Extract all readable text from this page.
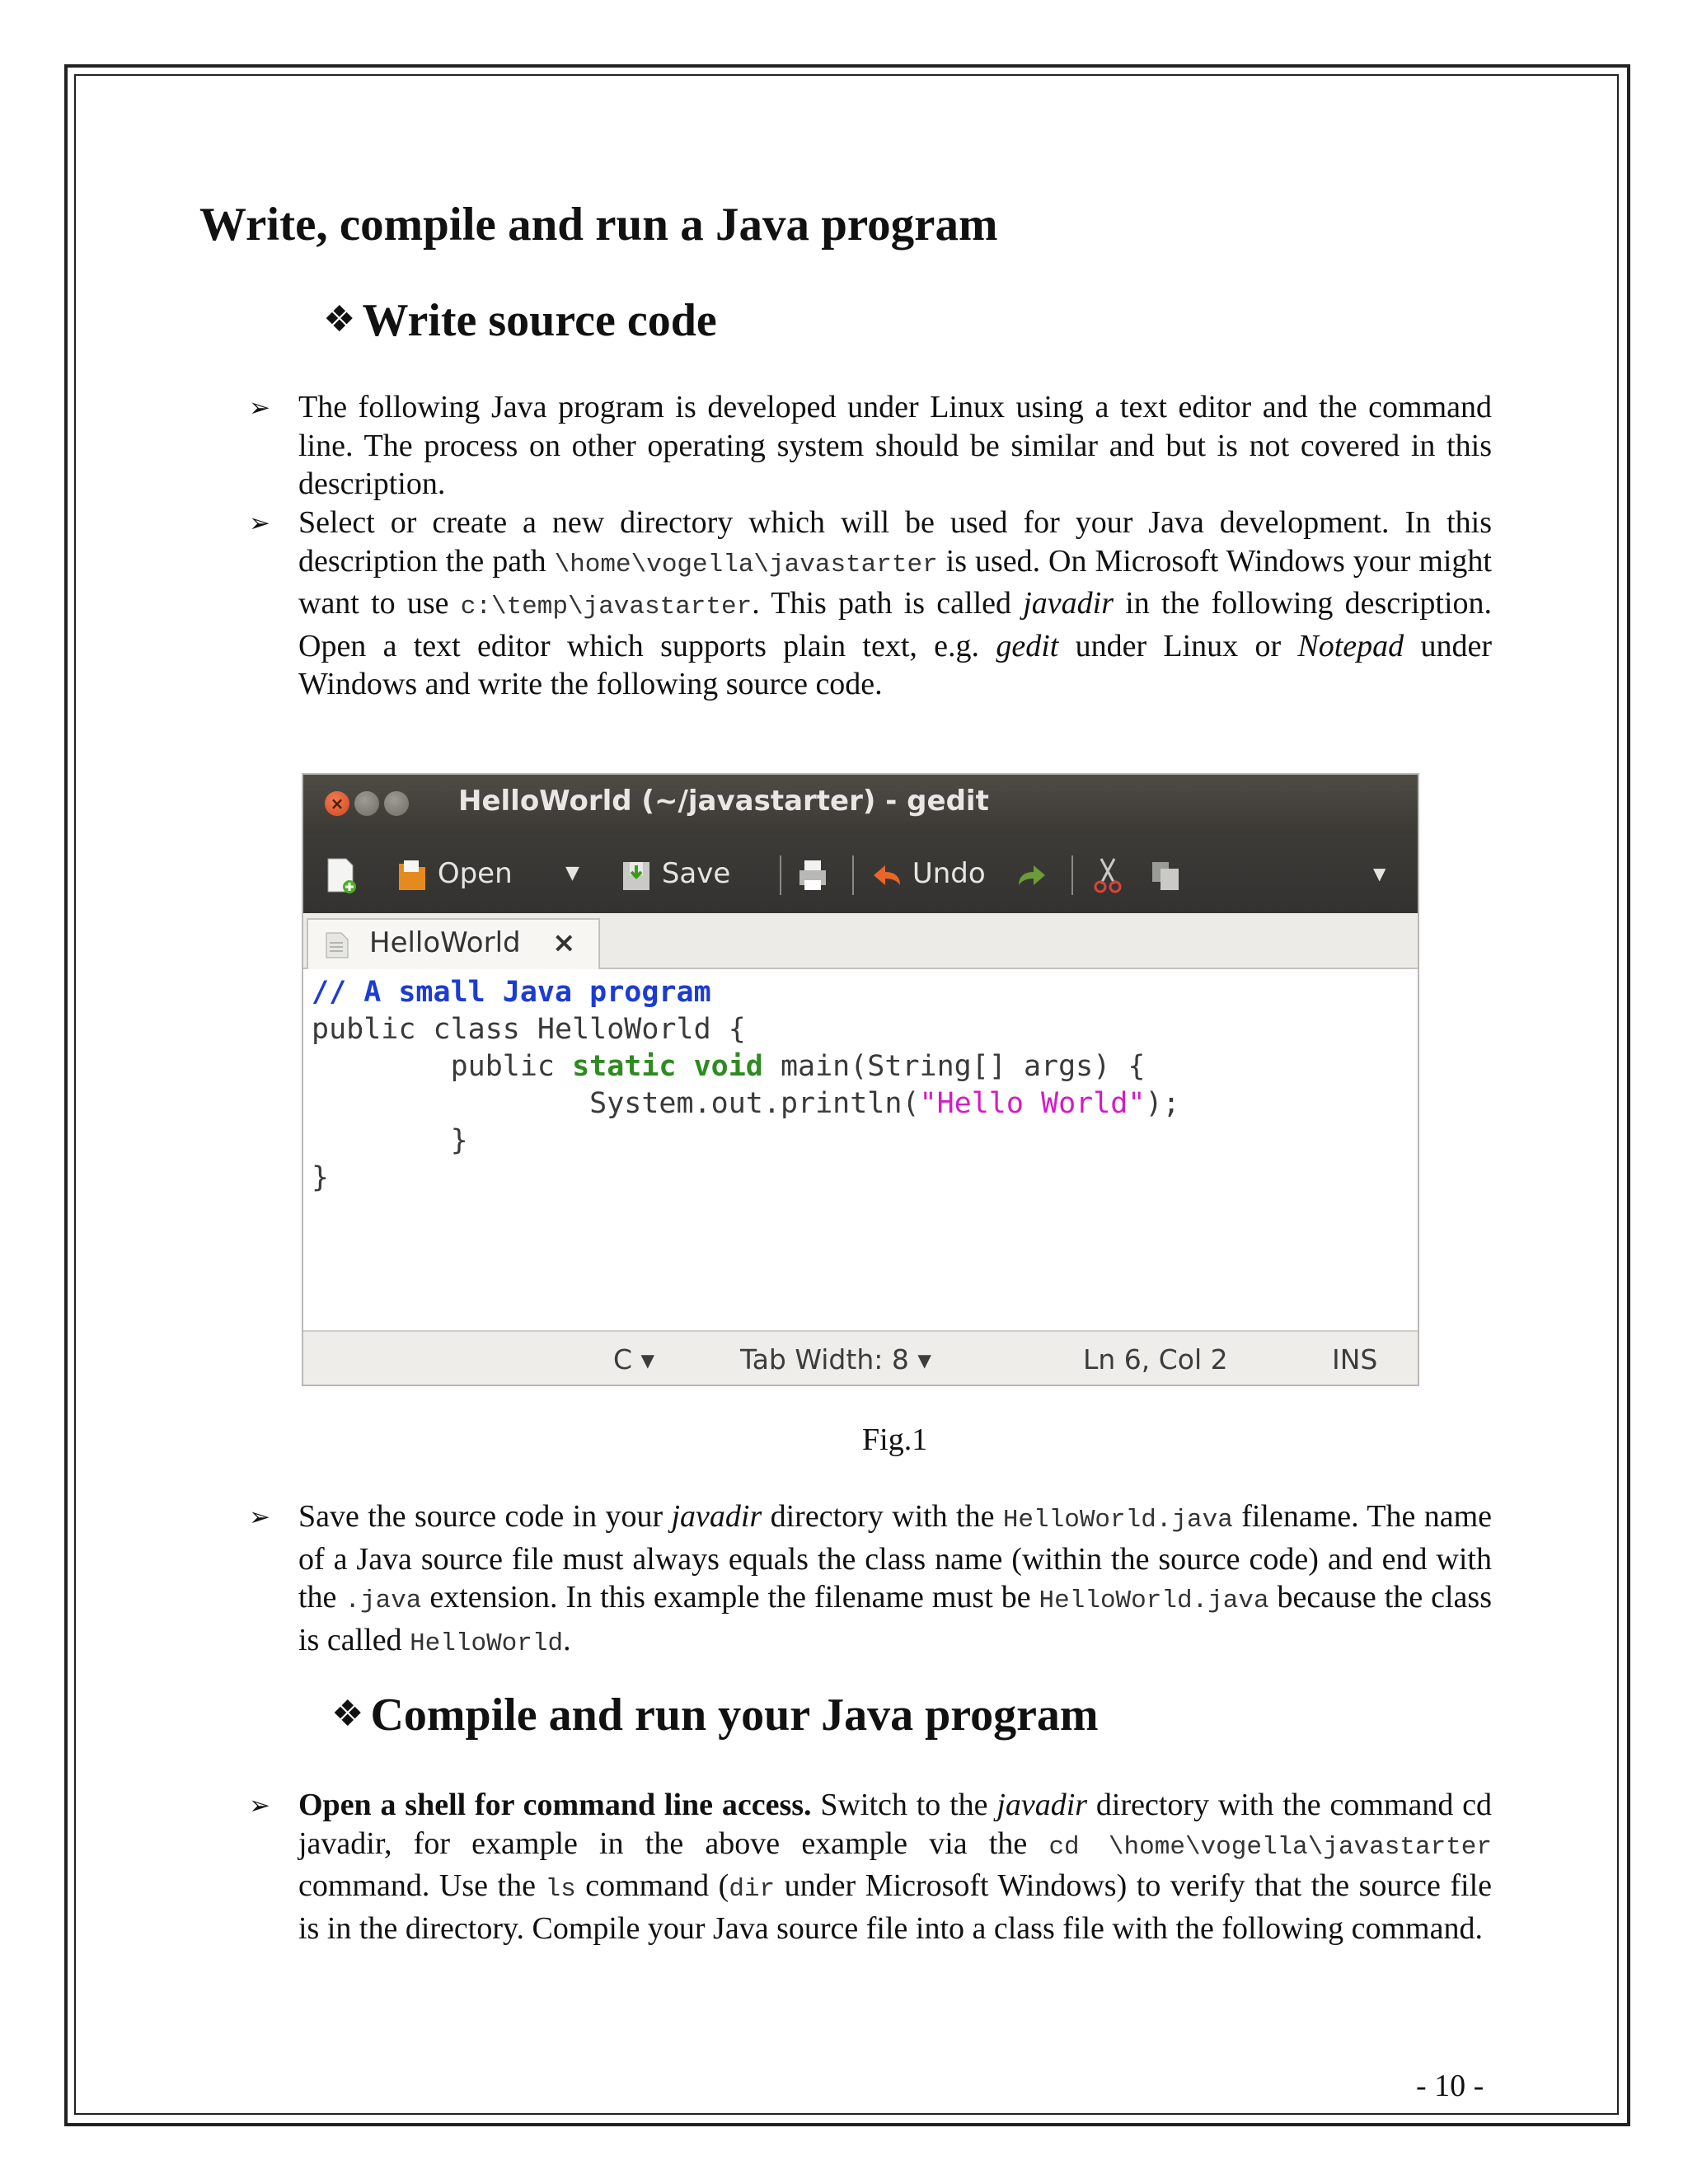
Write, compile and run a Java program
❖ Write source code
➢ The following Java program is developed under Linux using a text editor and the command line. The process on other operating system should be similar and but is not covered in this description.

➢ Select or create a new directory which will be used for your Java development. In this description the path \home\vogella\javastarter is used. On Microsoft Windows your might want to use c:\temp\javastarter. This path is called javadir in the following description. Open a text editor which supports plain text, e.g. gedit under Linux or Notepad under Windows and write the following source code.

×	HelloWorld (~/javastarter) - gedit
Open	▼	Save	Undo	▼
HelloWorld ×
// A small Java program
public class HelloWorld {
public static void main(String[] args) {
System.out.println("Hello World");
}
}
C ▾	Tab Width: 8 ▾	Ln 6, Col 2	INS
Fig.1
➢ Save the source code in your javadir directory with the HelloWorld.java filename. The name of a Java source file must always equals the class name (within the source code) and end with the .java extension. In this example the filename must be HelloWorld.java because the class is called HelloWorld.

❖ Compile and run your Java program
➢ Open a shell for command line access. Switch to the javadir directory with the command cd javadir, for example in the above example via the cd \home\vogella\javastarter command. Use the ls command (dir under Microsoft Windows) to verify that the source file is in the directory. Compile your Java source file into a class file with the following command.

- 10 -
